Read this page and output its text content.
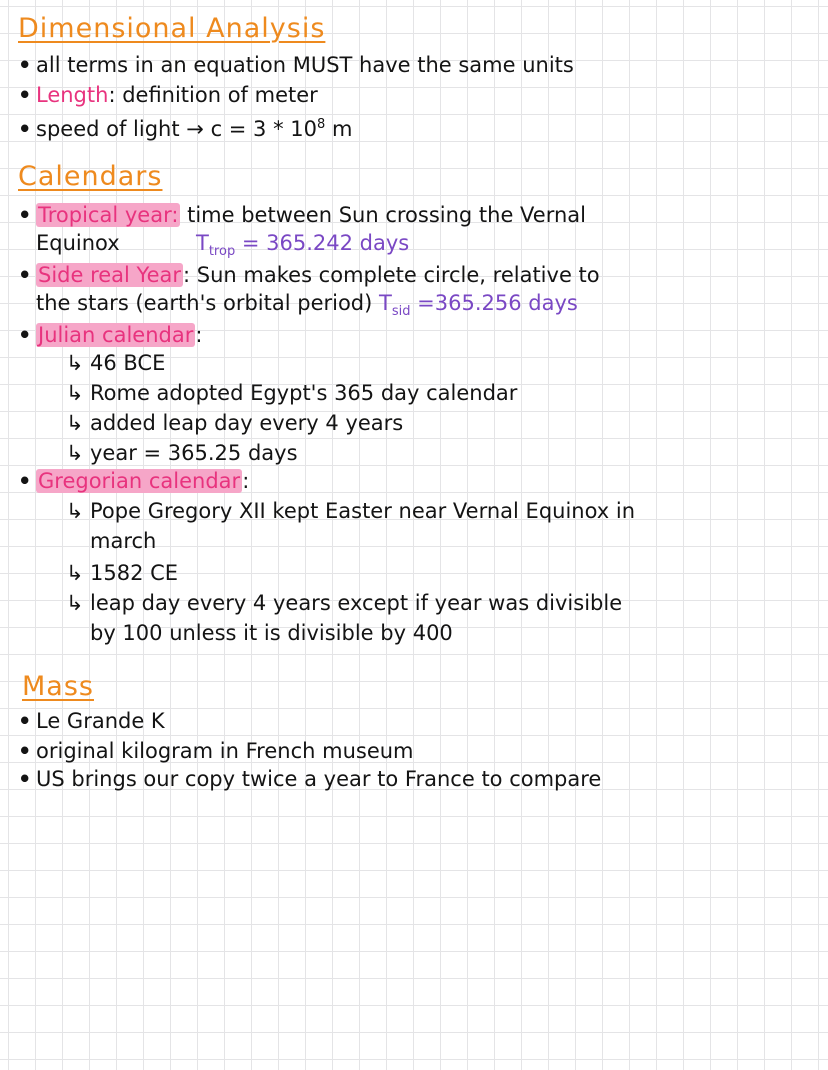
Dimensional Analysis
• all terms in an equation MUST have the same units
• Length: definition of meter
• speed of light → $c = 3 * 10^8$ m
Calendars
• Tropical year: time between Sun crossing the Vernal
Equinox	$T_{trop} = 365.242$ days
• Side real Year: Sun makes complete circle, relative to
the stars (earth's orbital period) $T_{sid} =365.256$ days
• Julian calendar:
↳ 46 BCE
↳ Rome adopted Egypt's 365 day calendar
↳ added leap day every 4 years
↳ year = 365.25 days
• Gregorian calendar:
↳ Pope Gregory XII kept Easter near Vernal Equinox in
march
↳ 1582 CE
↳ leap day every 4 years except if year was divisible
by 100 unless it is divisible by 400
Mass
• Le Grande K
• original kilogram in French museum
• US brings our copy twice a year to France to compare
